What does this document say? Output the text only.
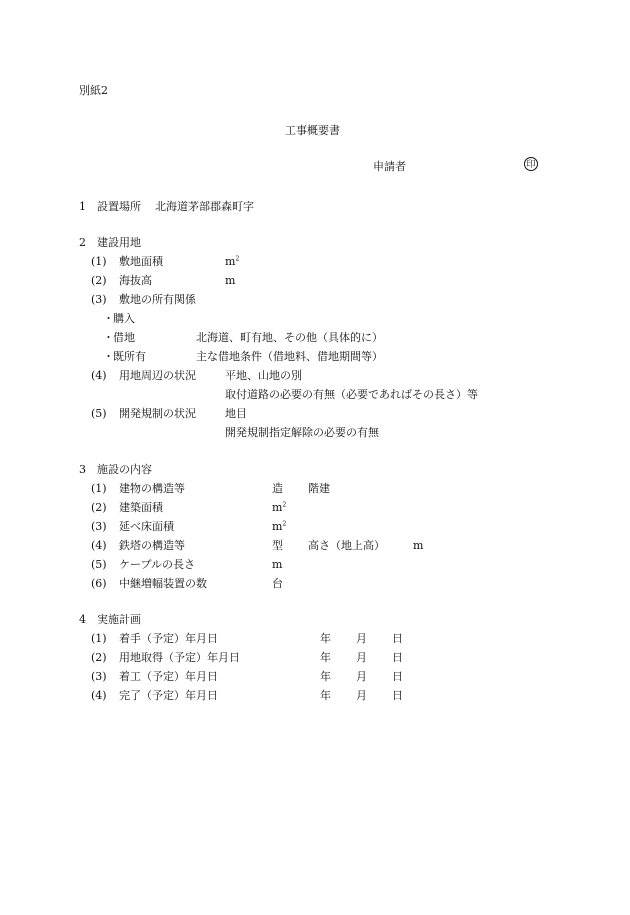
別紙2
工事概要書
申請者	印
1 設置場所 北海道茅部郡森町字
2 建設用地
(1) 敷地面積	$m^2$
(2) 海抜高	m
(3) 敷地の所有関係
・ 購入
・ 借地	北海道、町有地、その他（具体的に）
・ 既所有	主な借地条件（借地料、借地期間等）
(4) 用地周辺の状況	平地、山地の別
取付道路の必要の有無（必要であればその長さ）等
(5) 開発規制の状況	地目
開発規制指定解除の必要の有無
3 施設の内容
(1) 建物の構造等	造 階建
(2) 建築面積	$m^2$
(3) 延べ床面積	$m^2$
(4) 鉄塔の構造等	型 高さ（地上高）	m
(5) ケーブルの長さ	m
(6) 中継増幅装置の数	台
4 実施計画
(1) 着手（予定）年月日	年 月 日
(2) 用地取得（予定）年月日	年 月 日
(3) 着工（予定）年月日	年 月 日
(4) 完了（予定）年月日	年 月 日
